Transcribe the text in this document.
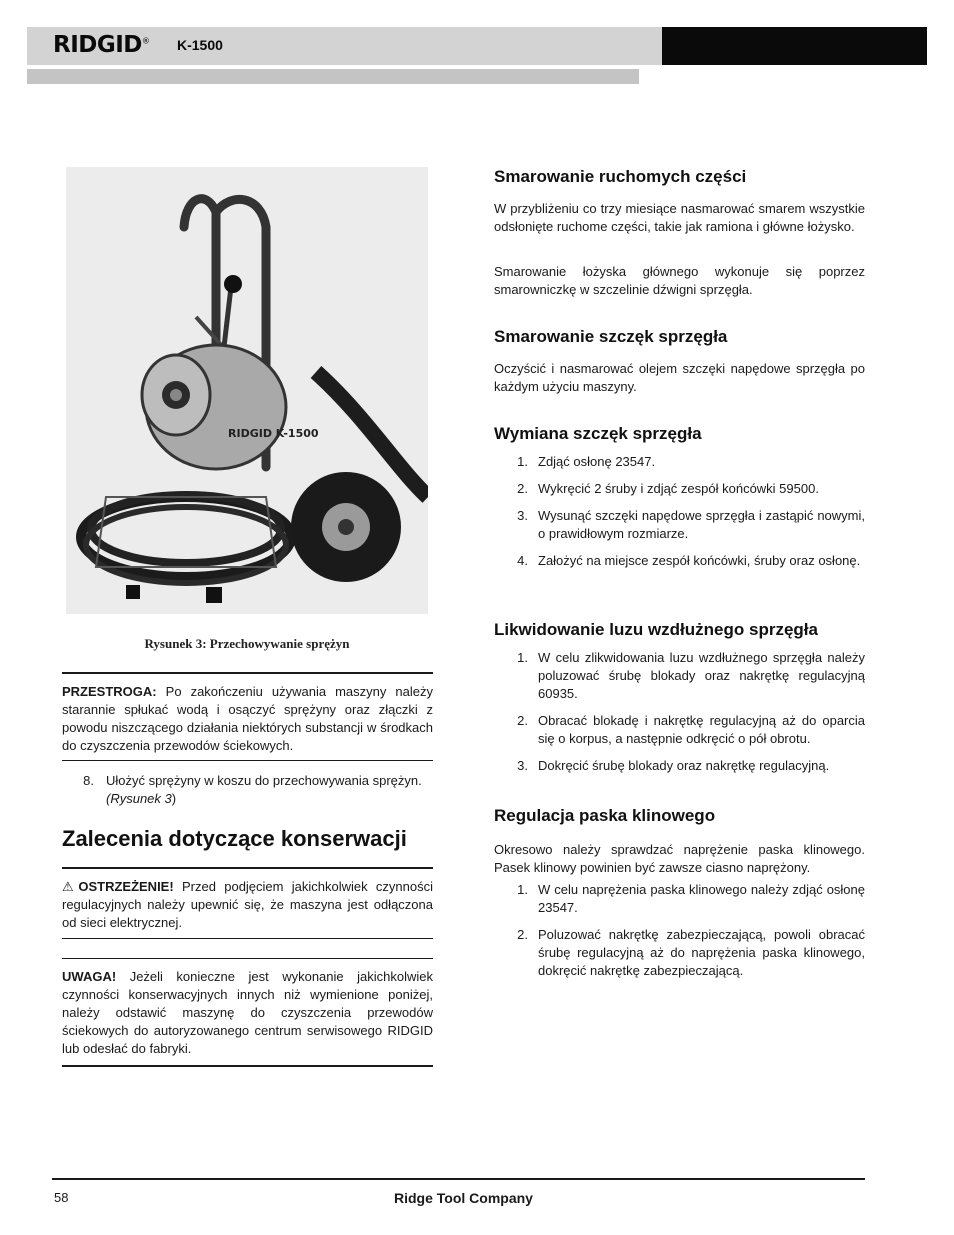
RIDGID® K-1500
RIDGID K-1500
Rysunek 3: Przechowywanie sprężyn
PRZESTROGA: Po zakończeniu używania maszyny należy starannie spłukać wodą i osączyć sprężyny oraz złączki z powodu niszczącego działania niektórych substancji w środkach do czyszczenia przewodów ściekowych.
8. Ułożyć sprężyny w koszu do przechowywania sprężyn. (Rysunek 3)
Zalecenia dotyczące konserwacji
⚠OSTRZEŻENIE! Przed podjęciem jakichkolwiek czynności regulacyjnych należy upewnić się, że maszyna jest odłączona od sieci elektrycznej.
UWAGA! Jeżeli konieczne jest wykonanie jakichkolwiek czynności konserwacyjnych innych niż wymienione poniżej, należy odstawić maszynę do czyszczenia przewodów ściekowych do autoryzowanego centrum serwisowego RIDGID lub odesłać do fabryki.
Smarowanie ruchomych części
W przybliżeniu co trzy miesiące nasmarować smarem wszystkie odsłonięte ruchome części, takie jak ramiona i główne łożysko.
Smarowanie łożyska głównego wykonuje się poprzez smarowniczkę w szczelinie dźwigni sprzęgła.
Smarowanie szczęk sprzęgła
Oczyścić i nasmarować olejem szczęki napędowe sprzęgła po każdym użyciu maszyny.
Wymiana szczęk sprzęgła
1. Zdjąć osłonę 23547.
2. Wykręcić 2 śruby i zdjąć zespół końcówki 59500.
3. Wysunąć szczęki napędowe sprzęgła i zastąpić nowymi, o prawidłowym rozmiarze.
4. Założyć na miejsce zespół końcówki, śruby oraz osłonę.
Likwidowanie luzu wzdłużnego sprzęgła
1. W celu zlikwidowania luzu wzdłużnego sprzęgła należy poluzować śrubę blokady oraz nakrętkę regulacyjną 60935.
2. Obracać blokadę i nakrętkę regulacyjną aż do oparcia się o korpus, a następnie odkręcić o pół obrotu.
3. Dokręcić śrubę blokady oraz nakrętkę regulacyjną.
Regulacja paska klinowego
Okresowo należy sprawdzać naprężenie paska klinowego. Pasek klinowy powinien być zawsze ciasno naprężony.
1. W celu naprężenia paska klinowego należy zdjąć osłonę 23547.
2. Poluzować nakrętkę zabezpieczającą, powoli obracać śrubę regulacyjną aż do naprężenia paska klinowego, dokręcić nakrętkę zabezpieczającą.
58	Ridge Tool Company
